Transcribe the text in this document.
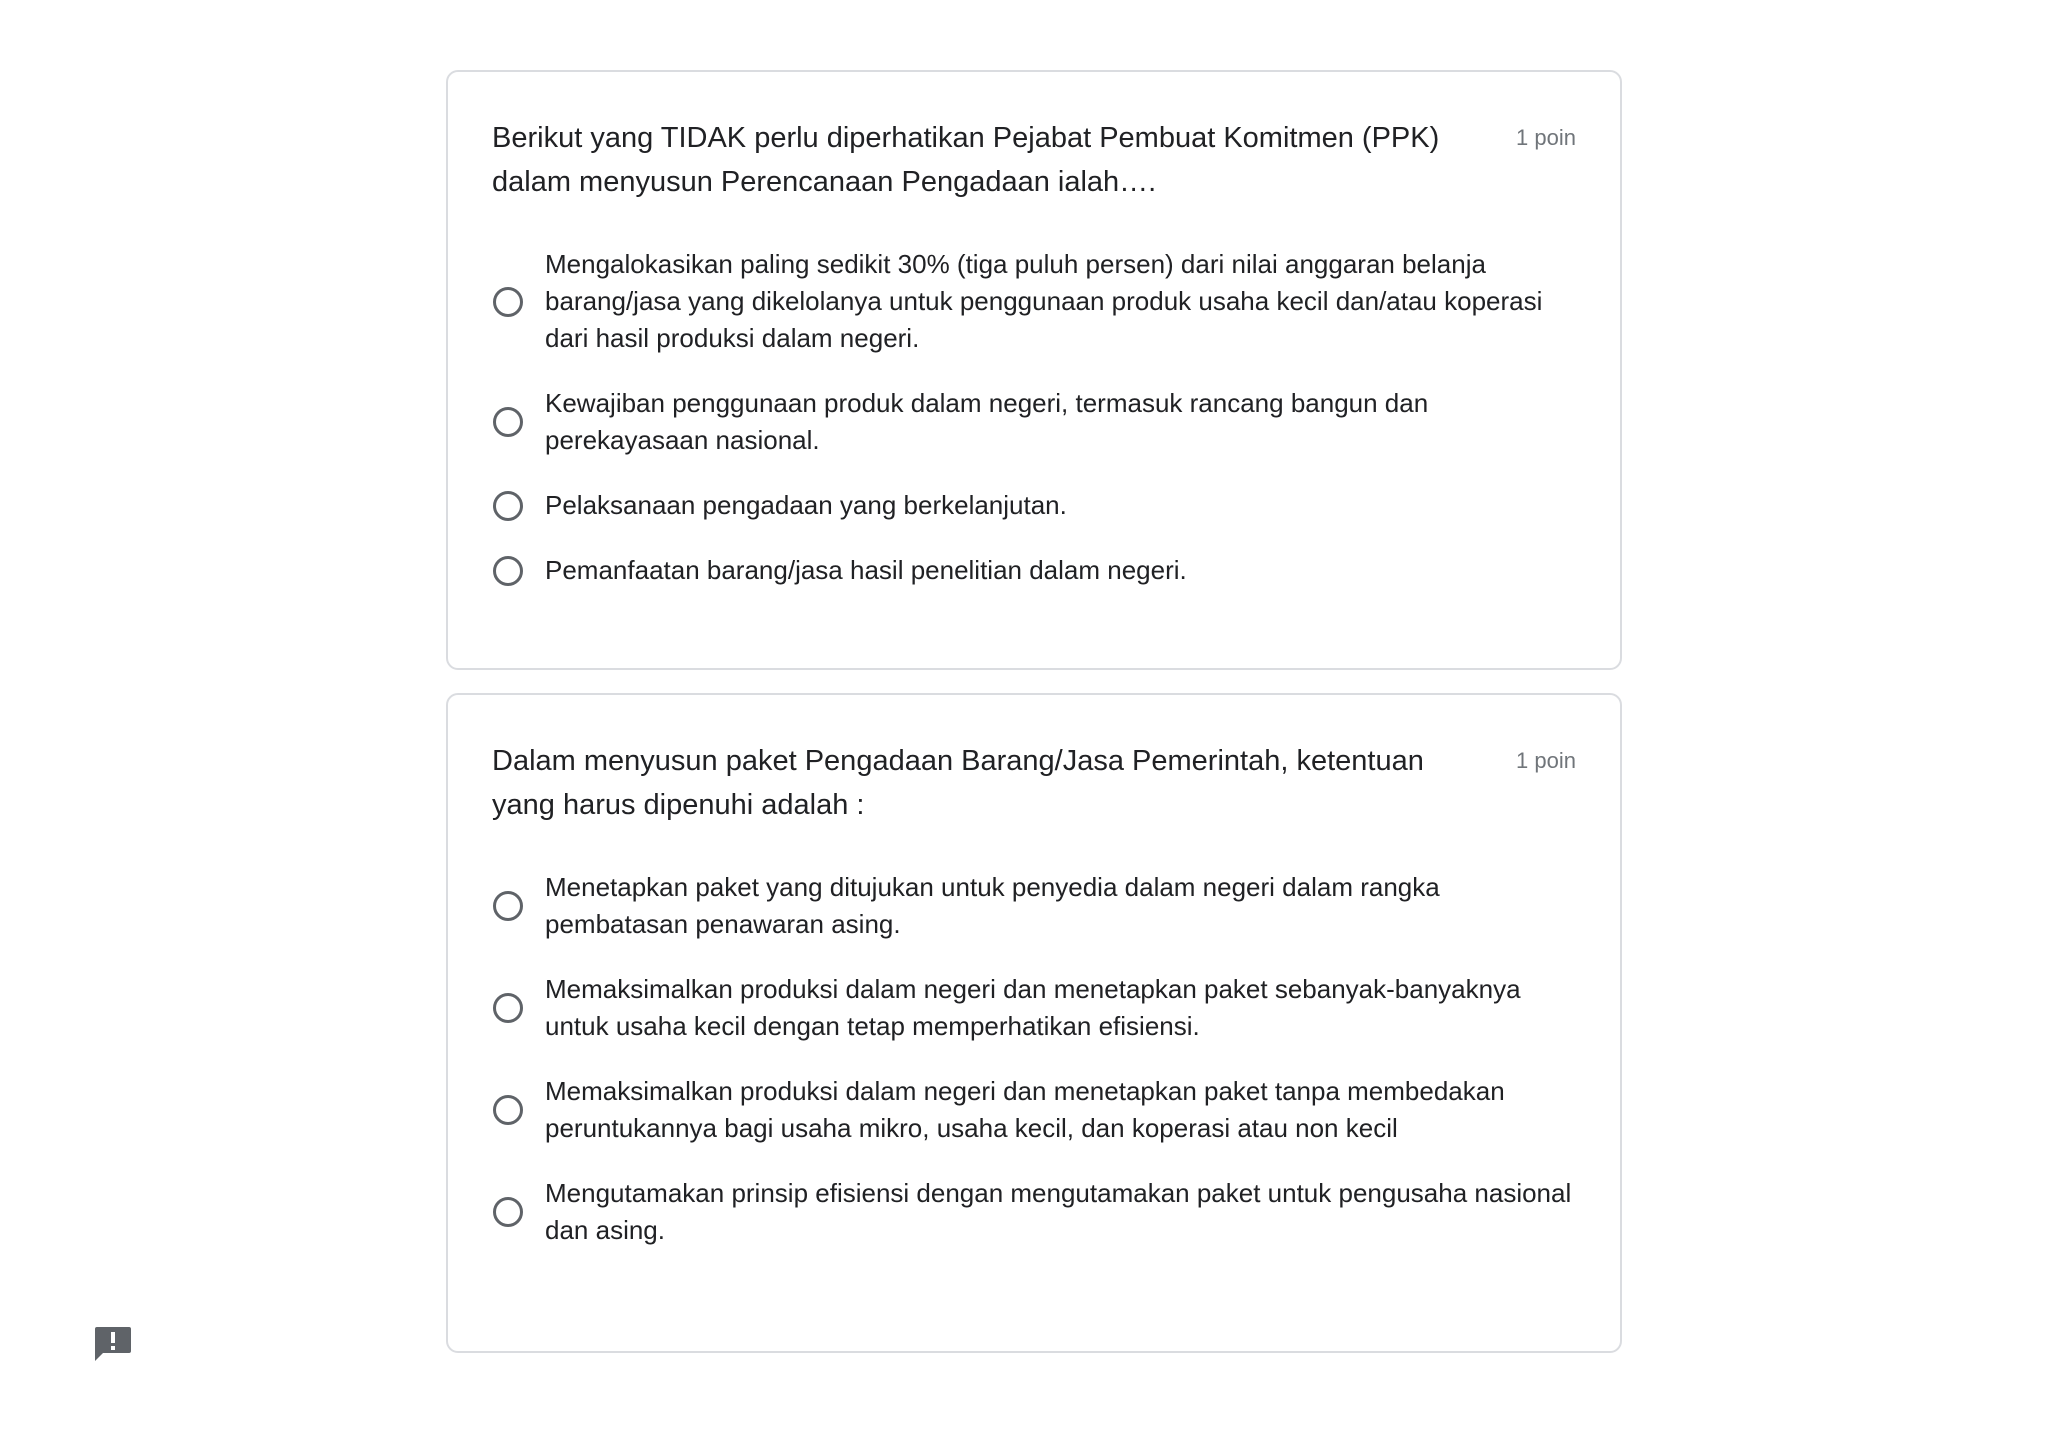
Berikut yang TIDAK perlu diperhatikan Pejabat Pembuat Komitmen (PPK) dalam menyusun Perencanaan Pengadaan ialah….
1 poin
Mengalokasikan paling sedikit 30% (tiga puluh persen) dari nilai anggaran belanja barang/jasa yang dikelolanya untuk penggunaan produk usaha kecil dan/atau koperasi dari hasil produksi dalam negeri.
Kewajiban penggunaan produk dalam negeri, termasuk rancang bangun dan perekayasaan nasional.
Pelaksanaan pengadaan yang berkelanjutan.
Pemanfaatan barang/jasa hasil penelitian dalam negeri.
Dalam menyusun paket Pengadaan Barang/Jasa Pemerintah, ketentuan yang harus dipenuhi adalah :
1 poin
Menetapkan paket yang ditujukan untuk penyedia dalam negeri dalam rangka pembatasan penawaran asing.
Memaksimalkan produksi dalam negeri dan menetapkan paket sebanyak-banyaknya untuk usaha kecil dengan tetap memperhatikan efisiensi.
Memaksimalkan produksi dalam negeri dan menetapkan paket tanpa membedakan peruntukannya bagi usaha mikro, usaha kecil, dan koperasi atau non kecil
Mengutamakan prinsip efisiensi dengan mengutamakan paket untuk pengusaha nasional dan asing.
